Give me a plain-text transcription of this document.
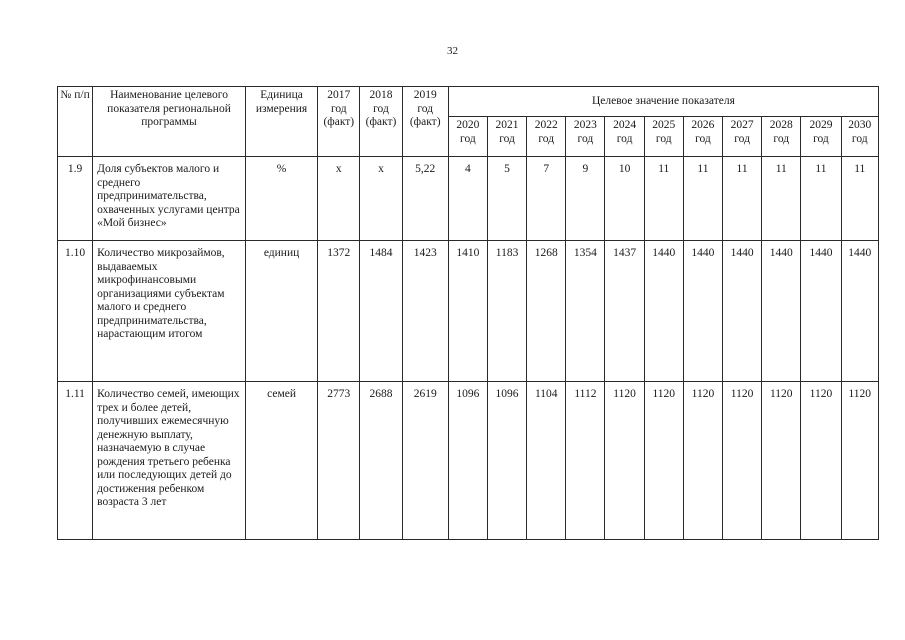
32
№ п/п	Наименование целевого показателя региональной программы	Единица измерения	2017
год
(факт)	2018
год
(факт)	2019
год
(факт)	Целевое значение показателя										

						2020
год	2021
год	2022
год	2023
год	2024
год	2025
год	2026
год	2027
год	2028
год	2029
год	2030
год

1.9	Доля субъектов малого и среднего предпринимательства, охваченных услугами центра «Мой бизнес»	%	х	х	5,22	4	5	7	9	10	11	11	11	11	11	11
1.10	Количество микрозаймов, выдаваемых микрофинансовыми организациями субъектам малого и среднего предпринимательства, нарастающим итогом	единиц	1372	1484	1423	1410	1183	1268	1354	1437	1440	1440	1440	1440	1440	1440
1.11	Количество семей, имеющих трех и более детей, получивших ежемесячную денежную выплату, назначаемую в случае рождения третьего ребенка или последующих детей до достижения ребенком возраста 3 лет	семей	2773	2688	2619	1096	1096	1104	1112	1120	1120	1120	1120	1120	1120	1120
